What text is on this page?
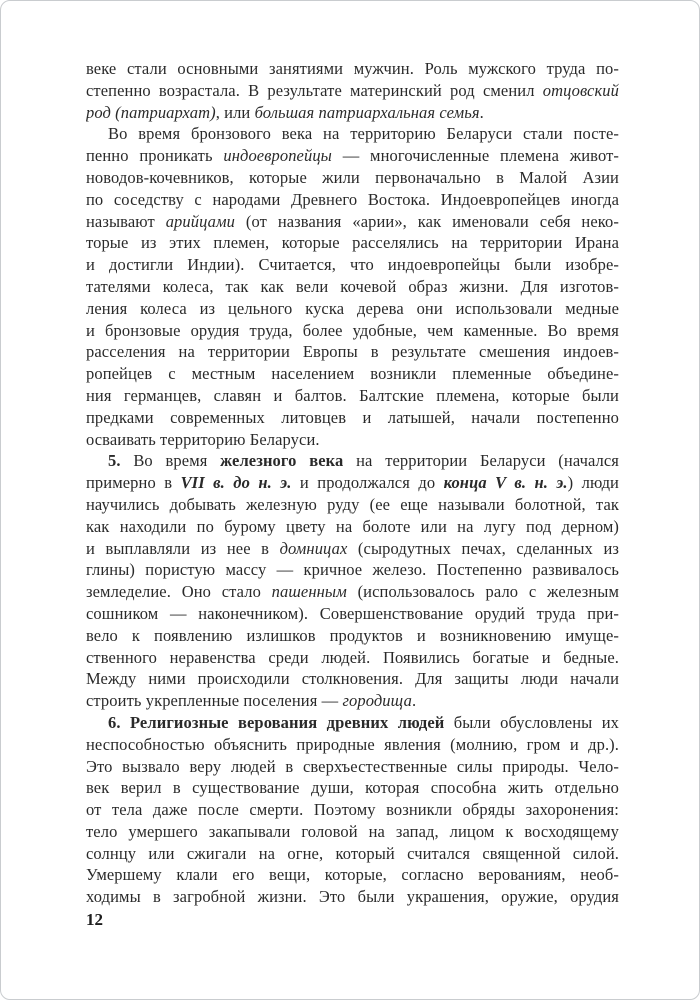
веке стали основными занятиями мужчин. Роль мужского труда по-
степенно возрастала. В результате материнский род сменил отцовский
род (патриархат), или большая патриархальная семья.

Во время бронзового века на территорию Беларуси стали посте-
пенно проникать индоевропейцы — многочисленные племена живот-
новодов-кочевников, которые жили первоначально в Малой Азии
по соседству с народами Древнего Востока. Индоевропейцев иногда
называют арийцами (от названия «арии», как именовали себя неко-
торые из этих племен, которые расселялись на территории Ирана
и достигли Индии). Считается, что индоевропейцы были изобре-
тателями колеса, так как вели кочевой образ жизни. Для изготов-
ления колеса из цельного куска дерева они использовали медные
и бронзовые орудия труда, более удобные, чем каменные. Во время
расселения на территории Европы в результате смешения индоев-
ропейцев с местным населением возникли племенные объедине-
ния германцев, славян и балтов. Балтские племена, которые были
предками современных литовцев и латышей, начали постепенно
осваивать территорию Беларуси.

5. Во время железного века на территории Беларуси (начался
примерно в VII в. до н. э. и продолжался до конца V в. н. э.) люди
научились добывать железную руду (ее еще называли болотной, так
как находили по бурому цвету на болоте или на лугу под дерном)
и выплавляли из нее в домницах (сыродутных печах, сделанных из
глины) пористую массу — кричное железо. Постепенно развивалось
земледелие. Оно стало пашенным (использовалось рало с железным
сошником — наконечником). Совершенствование орудий труда при-
вело к появлению излишков продуктов и возникновению имуще-
ственного неравенства среди людей. Появились богатые и бедные.
Между ними происходили столкновения. Для защиты люди начали
строить укрепленные поселения — городища.

6. Религиозные верования древних людей были обусловлены их
неспособностью объяснить природные явления (молнию, гром и др.).
Это вызвало веру людей в сверхъестественные силы природы. Чело-
век верил в существование души, которая способна жить отдельно
от тела даже после смерти. Поэтому возникли обряды захоронения:
тело умершего закапывали головой на запад, лицом к восходящему
солнцу или сжигали на огне, который считался священной силой.
Умершему клали его вещи, которые, согласно верованиям, необ-
ходимы в загробной жизни. Это были украшения, оружие, орудия

12
